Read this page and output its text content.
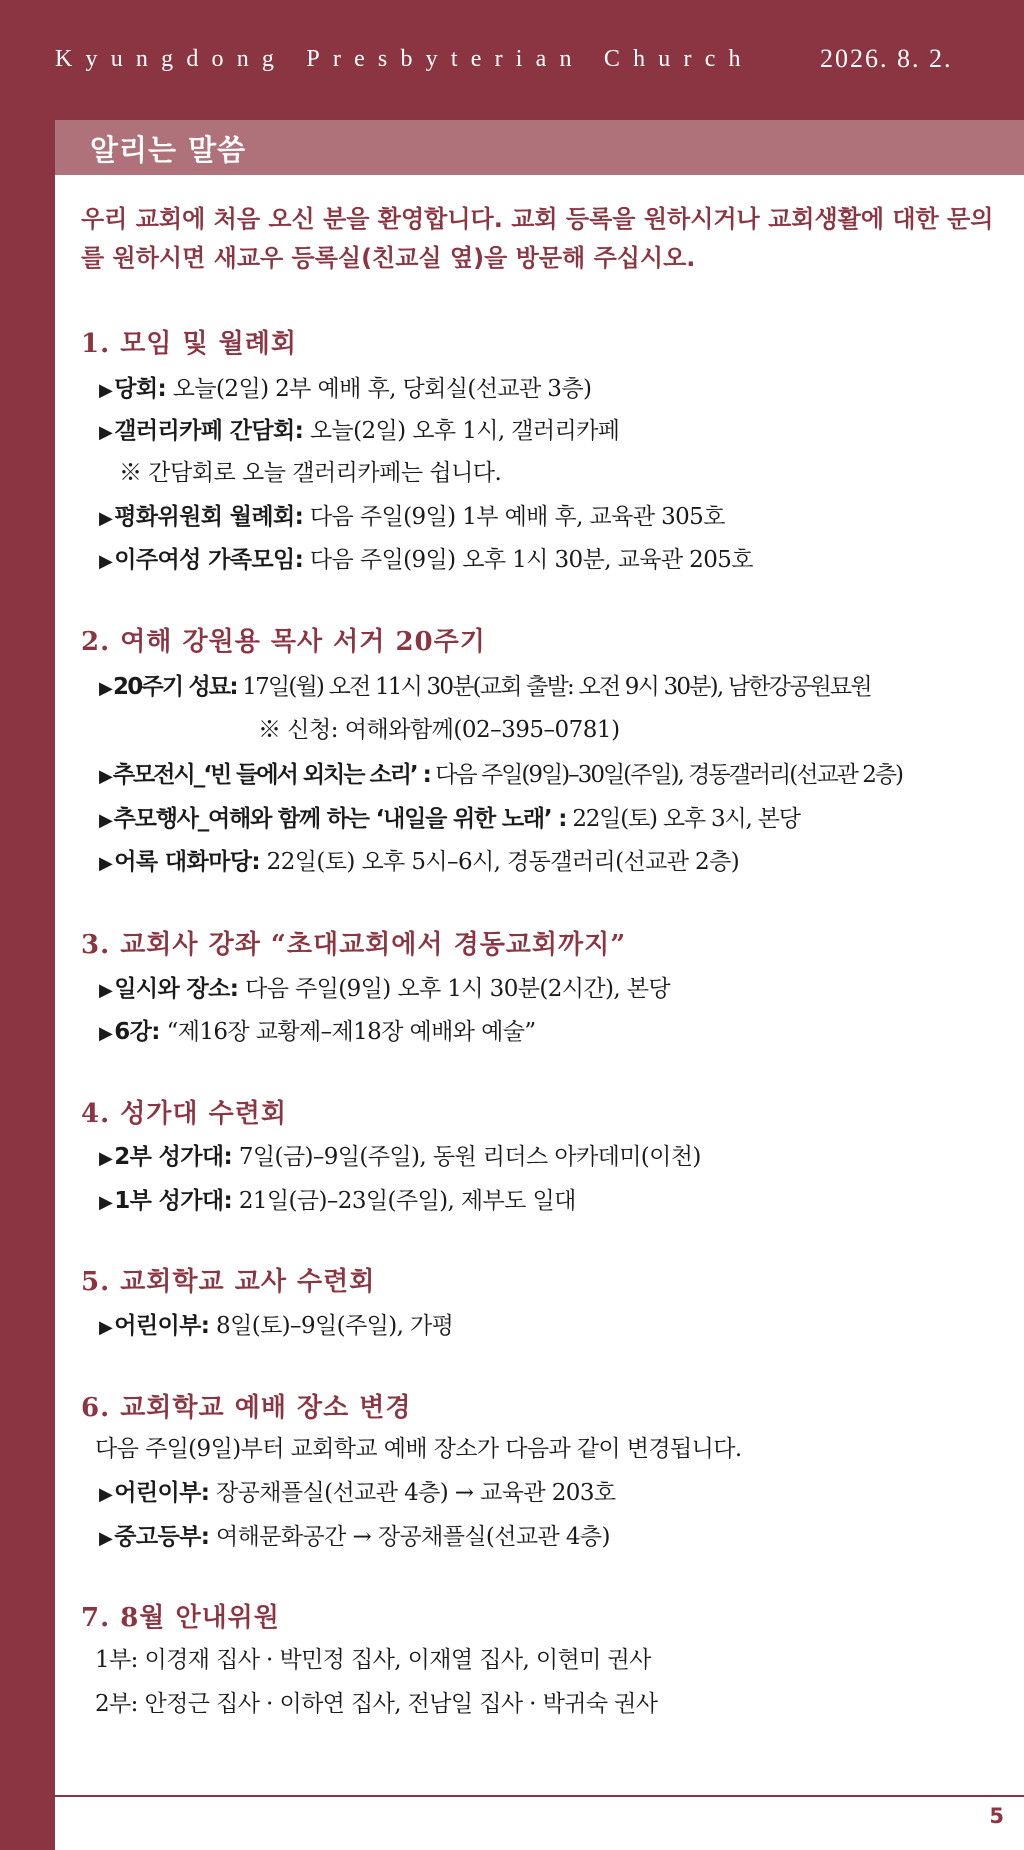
Kyungdong Presbyterian Church	2026. 8. 2.
알리는 말씀

우리 교회에 처음 오신 분을 환영합니다. 교회 등록을 원하시거나 교회생활에 대한 문의를 원하시면 새교우 등록실(친교실 옆)을 방문해 주십시오.

1. 모임 및 월례회
▶당회: 오늘(2일) 2부 예배 후, 당회실(선교관 3층)
▶갤러리카페 간담회: 오늘(2일) 오후 1시, 갤러리카페
※ 간담회로 오늘 갤러리카페는 쉽니다.
▶평화위원회 월례회: 다음 주일(9일) 1부 예배 후, 교육관 305호
▶이주여성 가족모임: 다음 주일(9일) 오후 1시 30분, 교육관 205호
2. 여해 강원용 목사 서거 20주기
▶20주기 성묘: 17일(월) 오전 11시 30분(교회 출발: 오전 9시 30분), 남한강공원묘원
※ 신청: 여해와함께(02–395–0781)
▶추모전시_‘빈 들에서 외치는 소리’ : 다음 주일(9일)–30일(주일), 경동갤러리(선교관 2층)
▶추모행사_여해와 함께 하는 ‘내일을 위한 노래’ : 22일(토) 오후 3시, 본당
▶어록 대화마당: 22일(토) 오후 5시–6시, 경동갤러리(선교관 2층)
3. 교회사 강좌 “초대교회에서 경동교회까지”
▶일시와 장소: 다음 주일(9일) 오후 1시 30분(2시간), 본당
▶6강: “제16장 교황제–제18장 예배와 예술”
4. 성가대 수련회
▶2부 성가대: 7일(금)–9일(주일), 동원 리더스 아카데미(이천)
▶1부 성가대: 21일(금)–23일(주일), 제부도 일대
5. 교회학교 교사 수련회
▶어린이부: 8일(토)–9일(주일), 가평
6. 교회학교 예배 장소 변경
다음 주일(9일)부터 교회학교 예배 장소가 다음과 같이 변경됩니다.
▶어린이부: 장공채플실(선교관 4층) → 교육관 203호
▶중고등부: 여해문화공간 → 장공채플실(선교관 4층)
7. 8월 안내위원
1부: 이경재 집사 · 박민정 집사, 이재열 집사, 이현미 권사
2부: 안정근 집사 · 이하연 집사, 전남일 집사 · 박귀숙 권사
5
